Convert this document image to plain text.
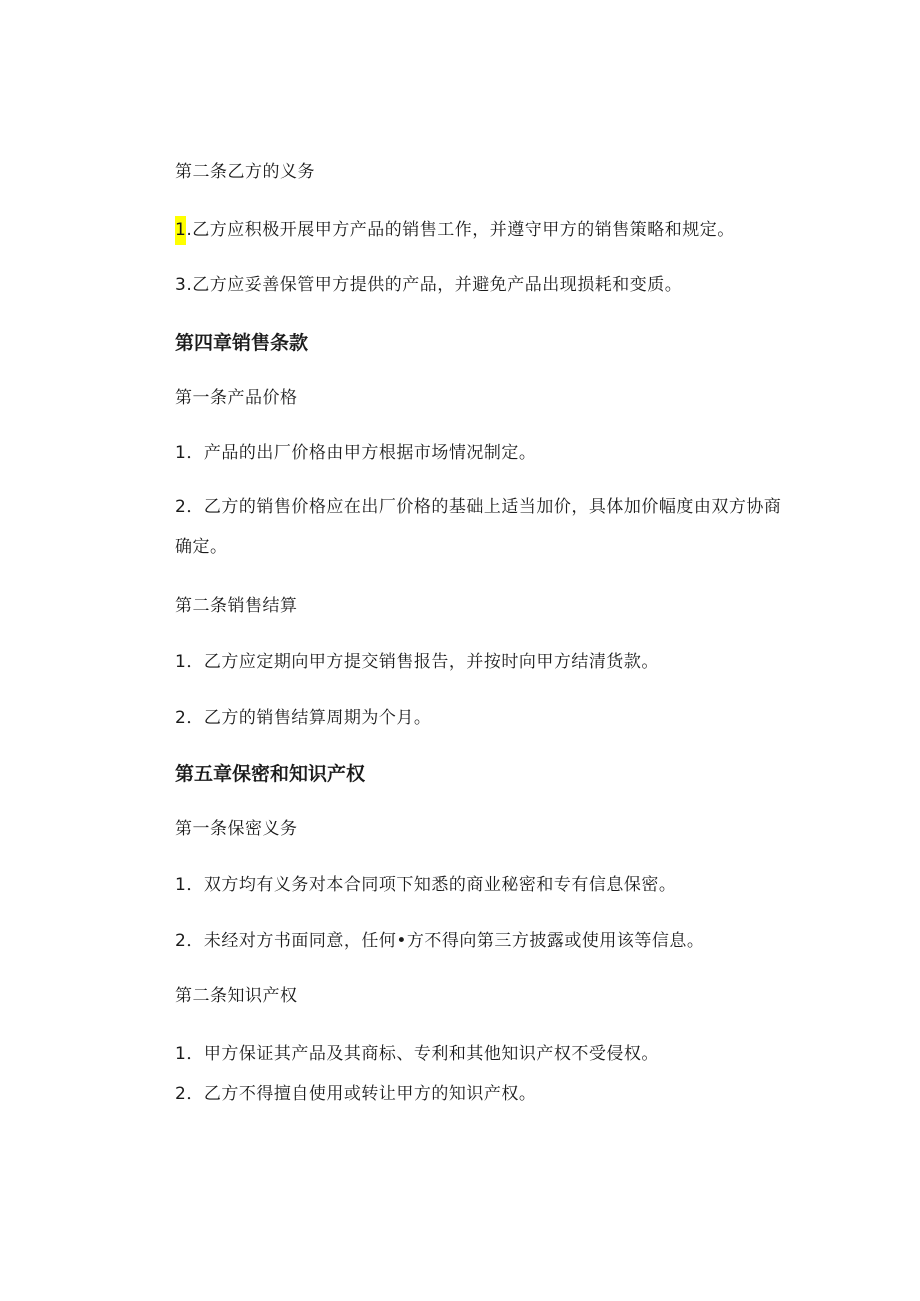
第二条乙方的义务
1.乙方应积极开展甲方产品的销售工作，并遵守甲方的销售策略和规定。
3.乙方应妥善保管甲方提供的产品，并避免产品出现损耗和变质。
第四章销售条款
第一条产品价格
1．产品的出厂价格由甲方根据市场情况制定。
2．乙方的销售价格应在出厂价格的基础上适当加价，具体加价幅度由双方协商确定。
第二条销售结算
1．乙方应定期向甲方提交销售报告，并按时向甲方结清货款。
2．乙方的销售结算周期为个月。
第五章保密和知识产权
第一条保密义务
1．双方均有义务对本合同项下知悉的商业秘密和专有信息保密。
2．未经对方书面同意，任何•方不得向第三方披露或使用该等信息。
第二条知识产权
1．甲方保证其产品及其商标、专利和其他知识产权不受侵权。
2．乙方不得擅自使用或转让甲方的知识产权。
